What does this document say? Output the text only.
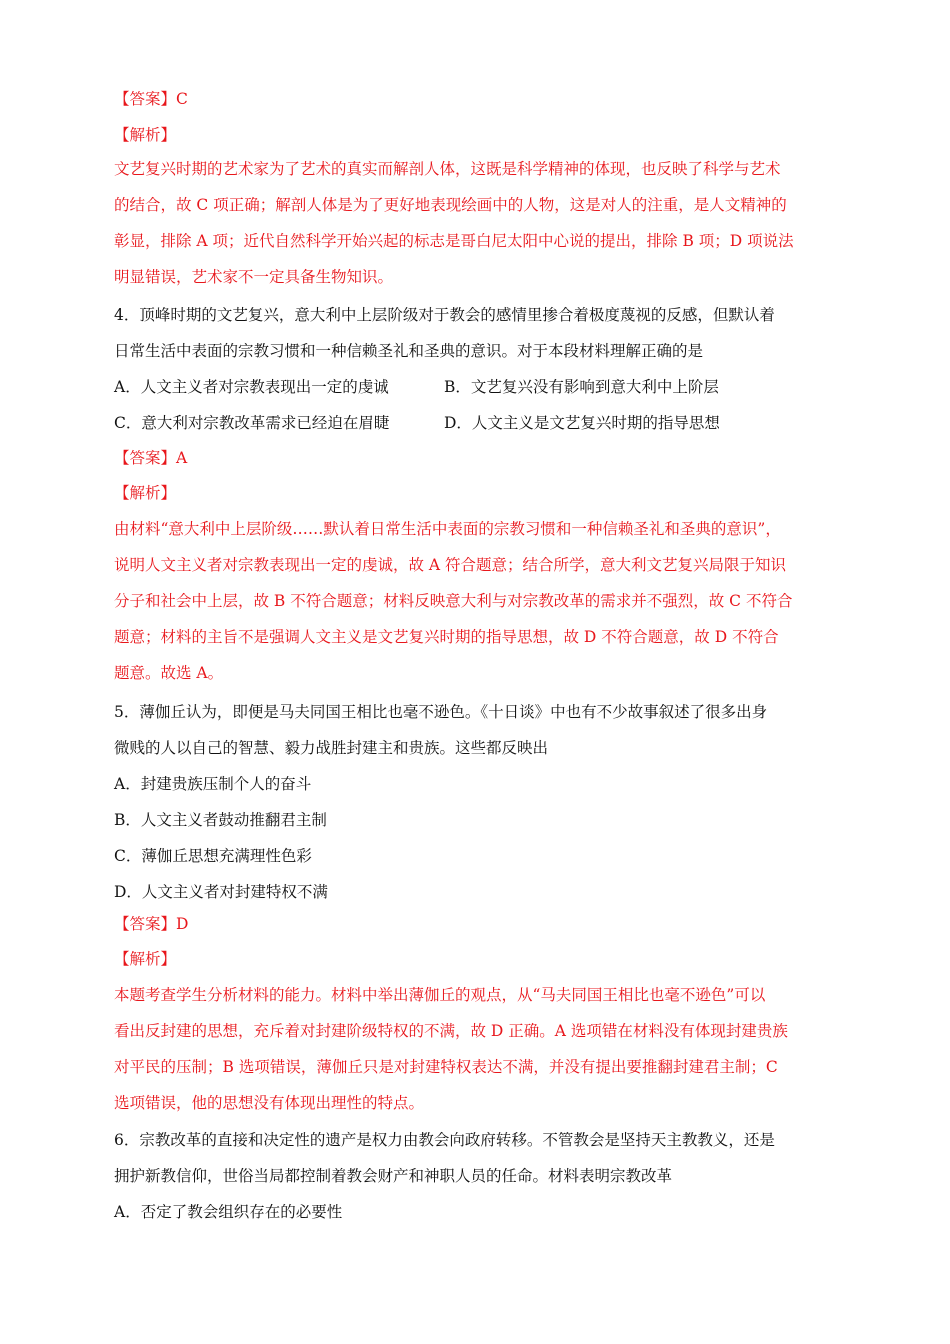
【答案】C
【解析】
文艺复兴时期的艺术家为了艺术的真实而解剖人体，这既是科学精神的体现，也反映了科学与艺术
的结合，故 C 项正确；解剖人体是为了更好地表现绘画中的人物，这是对人的注重，是人文精神的
彰显，排除 A 项；近代自然科学开始兴起的标志是哥白尼太阳中心说的提出，排除 B 项；D 项说法
明显错误，艺术家不一定具备生物知识。
4．顶峰时期的文艺复兴，意大利中上层阶级对于教会的感情里掺合着极度蔑视的反感，但默认着
日常生活中表面的宗教习惯和一种信赖圣礼和圣典的意识。对于本段材料理解正确的是
A．人文主义者对宗教表现出一定的虔诚	B．文艺复兴没有影响到意大利中上阶层
C．意大利对宗教改革需求已经迫在眉睫	D．人文主义是文艺复兴时期的指导思想
【答案】A
【解析】
由材料“意大利中上层阶级……默认着日常生活中表面的宗教习惯和一种信赖圣礼和圣典的意识”，
说明人文主义者对宗教表现出一定的虔诚，故 A 符合题意；结合所学，意大利文艺复兴局限于知识
分子和社会中上层，故 B 不符合题意；材料反映意大利与对宗教改革的需求并不强烈，故 C 不符合
题意；材料的主旨不是强调人文主义是文艺复兴时期的指导思想，故 D 不符合题意，故 D 不符合
题意。故选 A。
5．薄伽丘认为，即便是马夫同国王相比也毫不逊色。《十日谈》中也有不少故事叙述了很多出身
微贱的人以自己的智慧、毅力战胜封建主和贵族。这些都反映出
A．封建贵族压制个人的奋斗
B．人文主义者鼓动推翻君主制
C．薄伽丘思想充满理性色彩
D．人文主义者对封建特权不满
【答案】D
【解析】
本题考查学生分析材料的能力。材料中举出薄伽丘的观点，从“马夫同国王相比也毫不逊色”可以
看出反封建的思想，充斥着对封建阶级特权的不满，故 D 正确。A 选项错在材料没有体现封建贵族
对平民的压制；B 选项错误，薄伽丘只是对封建特权表达不满，并没有提出要推翻封建君主制；C
选项错误，他的思想没有体现出理性的特点。
6．宗教改革的直接和决定性的遗产是权力由教会向政府转移。不管教会是坚持天主教教义，还是
拥护新教信仰，世俗当局都控制着教会财产和神职人员的任命。材料表明宗教改革
A．否定了教会组织存在的必要性
